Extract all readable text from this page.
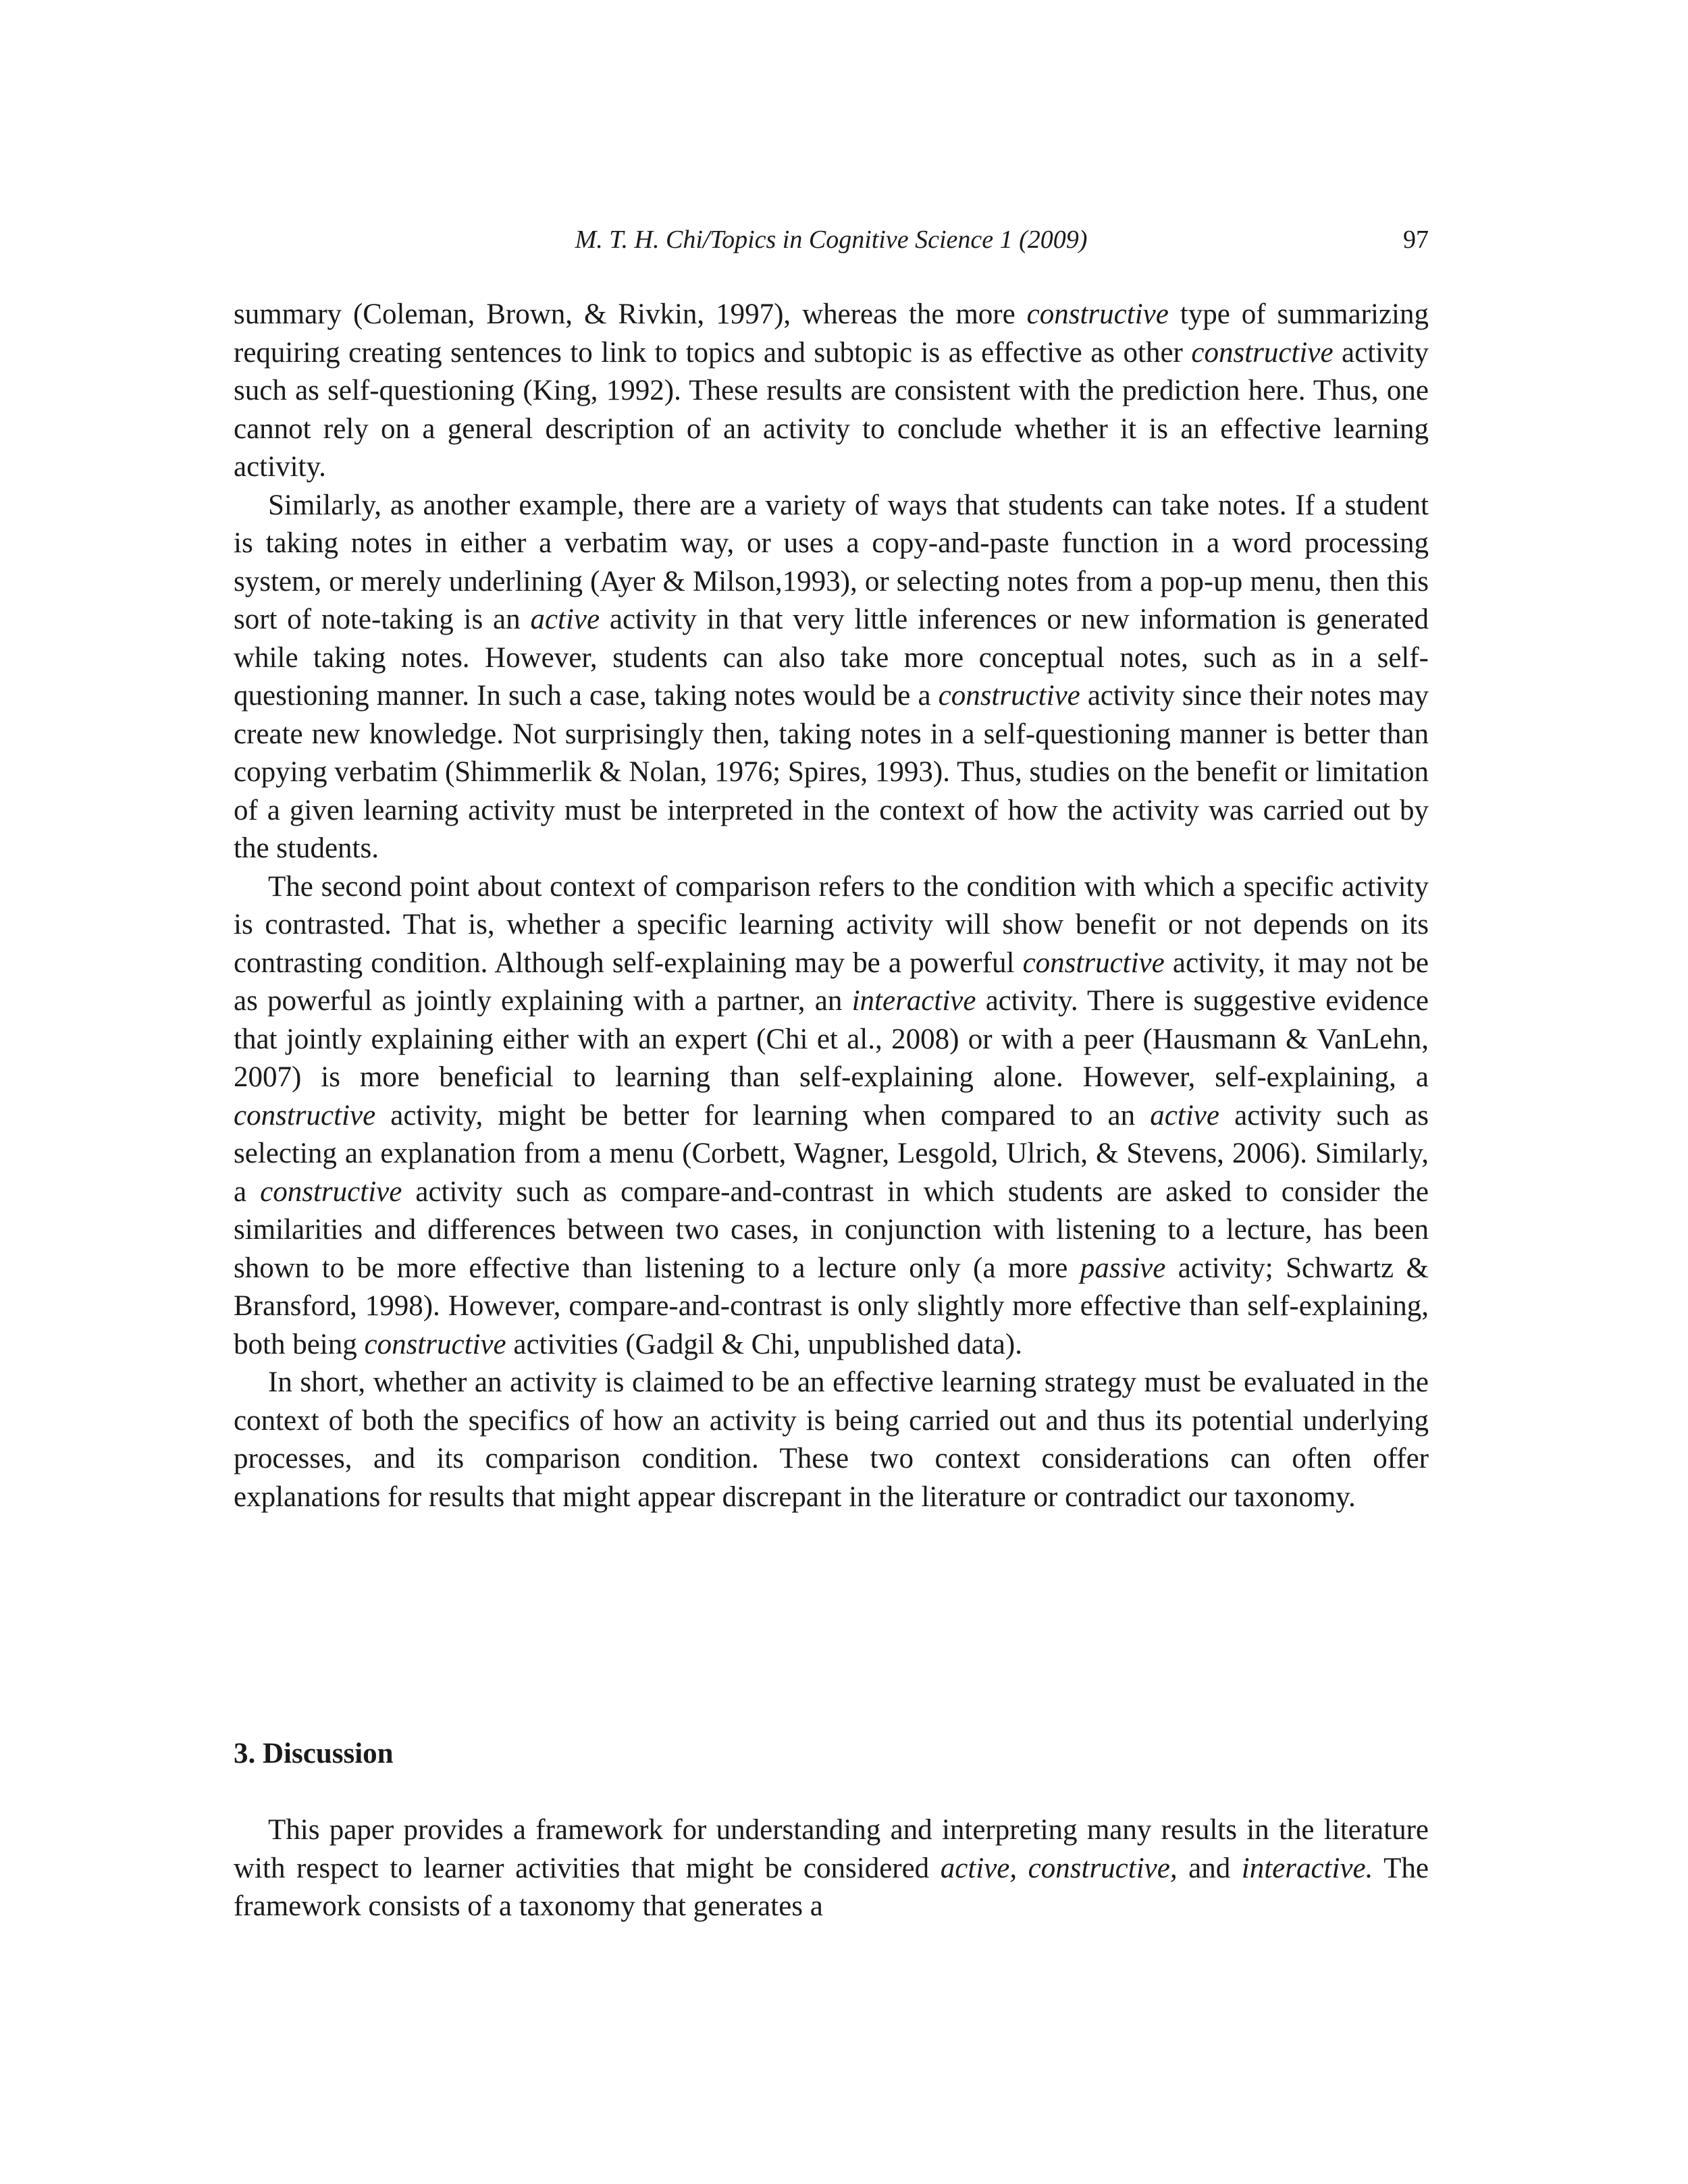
M. T. H. Chi/Topics in Cognitive Science 1 (2009)	97

summary (Coleman, Brown, & Rivkin, 1997), whereas the more constructive type of summarizing requiring creating sentences to link to topics and subtopic is as effective as other constructive activity such as self-questioning (King, 1992). These results are consistent with the prediction here. Thus, one cannot rely on a general description of an activity to conclude whether it is an effective learning activity.

Similarly, as another example, there are a variety of ways that students can take notes. If a student is taking notes in either a verbatim way, or uses a copy-and-paste function in a word processing system, or merely underlining (Ayer & Milson,1993), or selecting notes from a pop-up menu, then this sort of note-taking is an active activity in that very little inferences or new information is generated while taking notes. However, students can also take more conceptual notes, such as in a self-questioning manner. In such a case, taking notes would be a constructive activity since their notes may create new knowledge. Not surprisingly then, taking notes in a self-questioning manner is better than copying verbatim (Shimmerlik & Nolan, 1976; Spires, 1993). Thus, studies on the benefit or limitation of a given learning activity must be interpreted in the context of how the activity was carried out by the students.

The second point about context of comparison refers to the condition with which a specific activity is contrasted. That is, whether a specific learning activity will show benefit or not depends on its contrasting condition. Although self-explaining may be a powerful constructive activity, it may not be as powerful as jointly explaining with a partner, an interactive activity. There is suggestive evidence that jointly explaining either with an expert (Chi et al., 2008) or with a peer (Hausmann & VanLehn, 2007) is more beneficial to learning than self-explaining alone. However, self-explaining, a constructive activity, might be better for learning when compared to an active activity such as selecting an explanation from a menu (Corbett, Wagner, Lesgold, Ulrich, & Stevens, 2006). Similarly, a constructive activity such as compare-and-contrast in which students are asked to consider the similarities and differences between two cases, in conjunction with listening to a lecture, has been shown to be more effective than listening to a lecture only (a more passive activity; Schwartz & Bransford, 1998). However, compare-and-contrast is only slightly more effective than self-explaining, both being constructive activities (Gadgil & Chi, unpublished data).

In short, whether an activity is claimed to be an effective learning strategy must be evaluated in the context of both the specifics of how an activity is being carried out and thus its potential underlying processes, and its comparison condition. These two context considerations can often offer explanations for results that might appear discrepant in the literature or contradict our taxonomy.

3. Discussion

This paper provides a framework for understanding and interpreting many results in the literature with respect to learner activities that might be considered active, constructive, and interactive. The framework consists of a taxonomy that generates a
